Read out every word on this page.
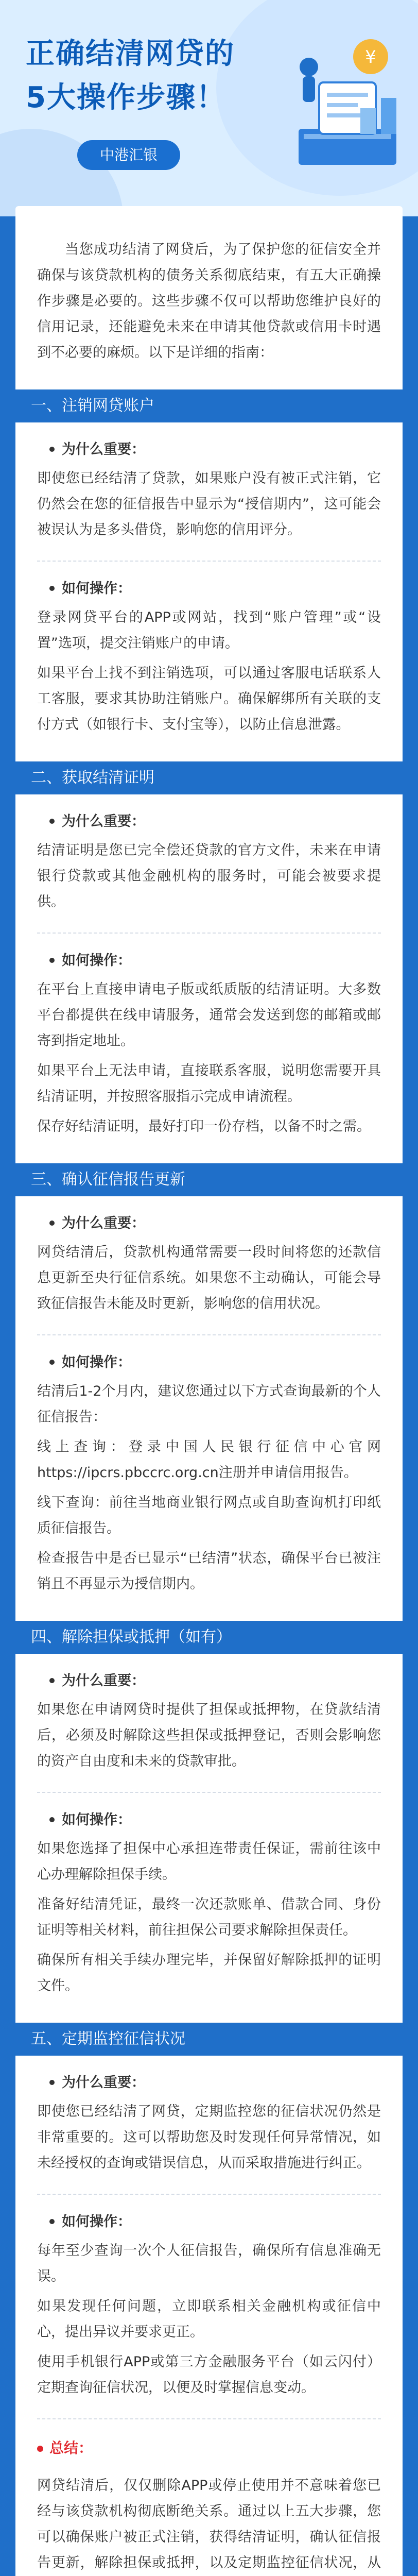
正确结清网贷的
5大操作步骤！
中港汇银
¥

当您成功结清了网贷后，为了保护您的征信安全并确保与该贷款机构的债务关系彻底结束，有五大正确操作步骤是必要的。这些步骤不仅可以帮助您维护良好的信用记录，还能避免未来在申请其他贷款或信用卡时遇到不必要的麻烦。以下是详细的指南：

一、注销网贷账户
为什么重要：

即使您已经结清了贷款，如果账户没有被正式注销，它仍然会在您的征信报告中显示为“授信期内”，这可能会被误认为是多头借贷，影响您的信用评分。

如何操作：

登录网贷平台的APP或网站，找到“账户管理”或“设置”选项，提交注销账户的申请。

如果平台上找不到注销选项，可以通过客服电话联系人工客服，要求其协助注销账户。确保解绑所有关联的支付方式（如银行卡、支付宝等），以防止信息泄露。

二、获取结清证明
为什么重要：

结清证明是您已完全偿还贷款的官方文件，未来在申请银行贷款或其他金融机构的服务时，可能会被要求提供。

如何操作：

在平台上直接申请电子版或纸质版的结清证明。大多数平台都提供在线申请服务，通常会发送到您的邮箱或邮寄到指定地址。

如果平台上无法申请，直接联系客服，说明您需要开具结清证明，并按照客服指示完成申请流程。

保存好结清证明，最好打印一份存档，以备不时之需。

三、确认征信报告更新
为什么重要：

网贷结清后，贷款机构通常需要一段时间将您的还款信息更新至央行征信系统。如果您不主动确认，可能会导致征信报告未能及时更新，影响您的信用状况。

如何操作：

结清后1-2个月内，建议您通过以下方式查询最新的个人征信报告：

线上查询：登录中国人民银行征信中心官网https://ipcrs.pbccrc.org.cn注册并申请信用报告。

线下查询：前往当地商业银行网点或自助查询机打印纸质征信报告。

检查报告中是否已显示“已结清”状态，确保平台已被注销且不再显示为授信期内。

四、解除担保或抵押（如有）
为什么重要：

如果您在申请网贷时提供了担保或抵押物，在贷款结清后，必须及时解除这些担保或抵押登记，否则会影响您的资产自由度和未来的贷款审批。

如何操作：

如果您选择了担保中心承担连带责任保证，需前往该中心办理解除担保手续。

准备好结清凭证，最终一次还款账单、借款合同、身份证明等相关材料，前往担保公司要求解除担保责任。

确保所有相关手续办理完毕，并保留好解除抵押的证明文件。

五、定期监控征信状况
为什么重要：

即使您已经结清了网贷，定期监控您的征信状况仍然是非常重要的。这可以帮助您及时发现任何异常情况，如未经授权的查询或错误信息，从而采取措施进行纠正。

如何操作：

每年至少查询一次个人征信报告，确保所有信息准确无误。

如果发现任何问题，立即联系相关金融机构或征信中心，提出异议并要求更正。

使用手机银行APP或第三方金融服务平台（如云闪付）定期查询征信状况，以便及时掌握信息变动。

总结：

网贷结清后，仅仅删除APP或停止使用并不意味着您已经与该贷款机构彻底断绝关系。通过以上五大步骤，您可以确保账户被正式注销，获得结清证明，确认征信报告更新，解除担保或抵押，以及定期监控征信状况，从
